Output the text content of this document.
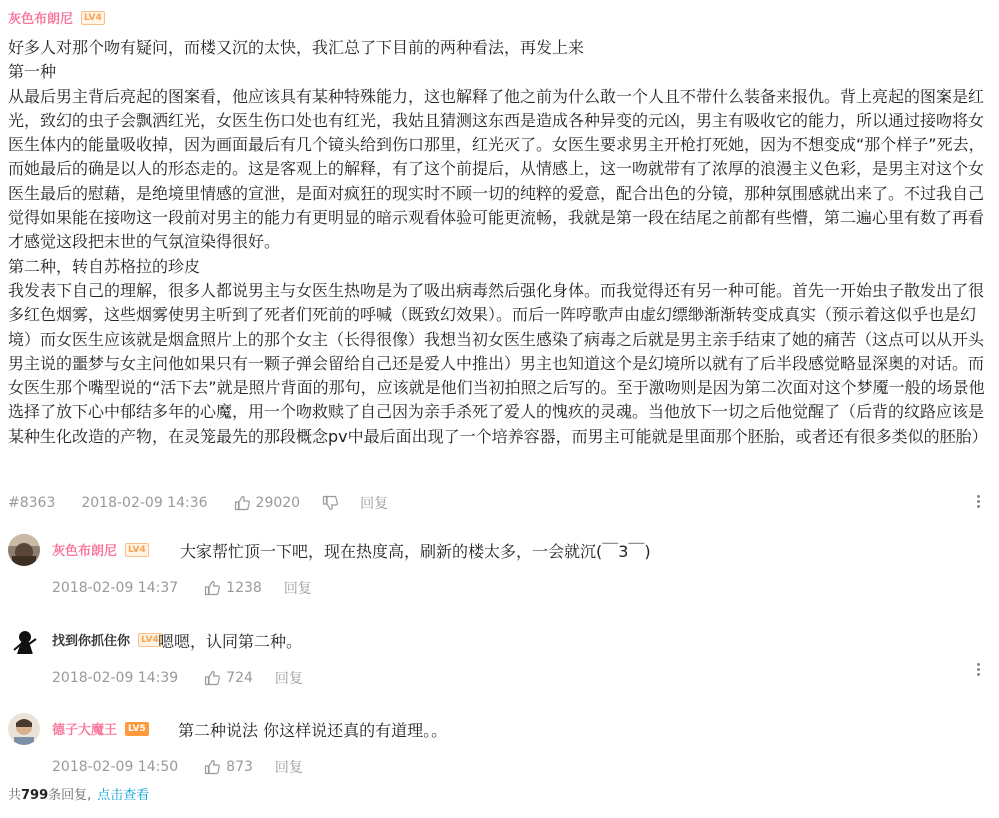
灰色布朗尼	LV4

好多人对那个吻有疑问，而楼又沉的太快，我汇总了下目前的两种看法，再发上来

第一种

从最后男主背后亮起的图案看，他应该具有某种特殊能力，这也解释了他之前为什么敢一个人且不带什么装备来报仇。背上亮起的图案是红光，致幻的虫子会飘洒红光，女医生伤口处也有红光，我姑且猜测这东西是造成各种异变的元凶，男主有吸收它的能力，所以通过接吻将女医生体内的能量吸收掉，因为画面最后有几个镜头给到伤口那里，红光灭了。女医生要求男主开枪打死她，因为不想变成“那个样子”死去，而她最后的确是以人的形态走的。这是客观上的解释，有了这个前提后，从情感上，这一吻就带有了浓厚的浪漫主义色彩，是男主对这个女医生最后的慰藉，是绝境里情感的宣泄，是面对疯狂的现实时不顾一切的纯粹的爱意，配合出色的分镜，那种氛围感就出来了。不过我自己觉得如果能在接吻这一段前对男主的能力有更明显的暗示观看体验可能更流畅，我就是第一段在结尾之前都有些懵，第二遍心里有数了再看才感觉这段把末世的气氛渲染得很好。

第二种，转自苏格拉的珍皮

我发表下自己的理解，很多人都说男主与女医生热吻是为了吸出病毒然后强化身体。而我觉得还有另一种可能。首先一开始虫子散发出了很多红色烟雾，这些烟雾使男主听到了死者们死前的呼喊（既致幻效果）。而后一阵哼歌声由虚幻缥缈渐渐转变成真实（预示着这似乎也是幻境）而女医生应该就是烟盒照片上的那个女主（长得很像）我想当初女医生感染了病毒之后就是男主亲手结束了她的痛苦（这点可以从开头男主说的噩梦与女主问他如果只有一颗子弹会留给自己还是爱人中推出）男主也知道这个是幻境所以就有了后半段感觉略显深奥的对话。而女医生那个嘴型说的“活下去”就是照片背面的那句，应该就是他们当初拍照之后写的。至于激吻则是因为第二次面对这个梦魇一般的场景他选择了放下心中郁结多年的心魔，用一个吻救赎了自己因为亲手杀死了爱人的愧疚的灵魂。当他放下一切之后他觉醒了（后背的纹路应该是某种生化改造的产物，在灵笼最先的那段概念pv中最后面出现了一个培养容器，而男主可能就是里面那个胚胎，或者还有很多类似的胚胎）

#8363 2018-02-09 14:36	29020	回复
灰色布朗尼	LV4 大家帮忙顶一下吧，现在热度高，刷新的楼太多，一会就沉(￣3￣)
2018-02-09 14:37	1238 回复
找到你抓住你	LV4 嗯嗯，认同第二种。
2018-02-09 14:39	724 回复
德子大魔王	LV5 第二种说法 你这样说还真的有道理。。
2018-02-09 14:50	873 回复
共799条回复, 点击查看
